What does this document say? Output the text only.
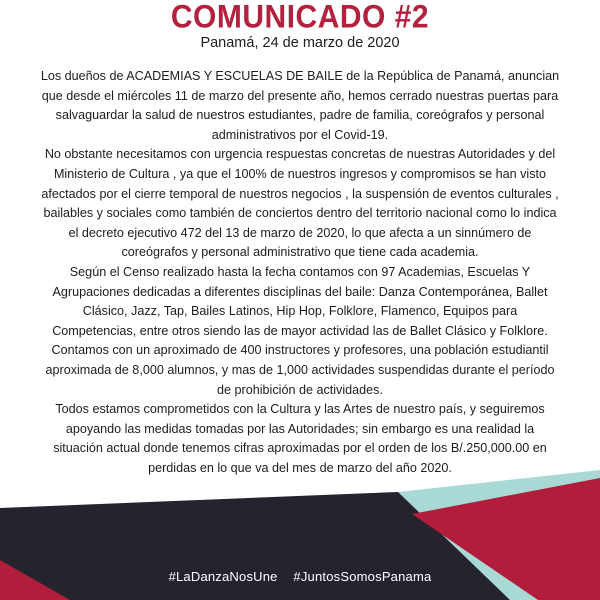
COMUNICADO #2
Panamá, 24 de marzo de 2020

Los dueños de ACADEMIAS Y ESCUELAS DE BAILE de la República de Panamá, anuncian que desde el miércoles 11 de marzo del presente año, hemos cerrado nuestras puertas para salvaguardar la salud de nuestros estudiantes, padre de familia, coreógrafos y personal administrativos por el Covid-19.

No obstante necesitamos con urgencia respuestas concretas de nuestras Autoridades y del Ministerio de Cultura , ya que el 100% de nuestros ingresos y compromisos se han visto afectados por el cierre temporal de nuestros negocios , la suspensión de eventos culturales , bailables y sociales como también de conciertos dentro del territorio nacional como lo indica el decreto ejecutivo 472 del 13 de marzo de 2020, lo que afecta a un sinnúmero de coreógrafos y personal administrativo que tiene cada academia.

Según el Censo realizado hasta la fecha contamos con 97 Academias, Escuelas Y Agrupaciones dedicadas a diferentes disciplinas del baile: Danza Contemporánea, Ballet Clásico, Jazz, Tap, Bailes Latinos, Hip Hop, Folklore, Flamenco, Equipos para Competencias, entre otros siendo las de mayor actividad las de Ballet Clásico y Folklore.

Contamos con un aproximado de 400 instructores y profesores, una población estudiantil aproximada de 8,000 alumnos, y mas de 1,000 actividades suspendidas durante el período de prohibición de actividades.

Todos estamos comprometidos con la Cultura y las Artes de nuestro país, y seguiremos apoyando las medidas tomadas por las Autoridades; sin embargo es una realidad la situación actual donde tenemos cifras aproximadas por el orden de los B/.250,000.00 en perdidas en lo que va del mes de marzo del año 2020.

#LaDanzaNosUne #JuntosSomosPanama
